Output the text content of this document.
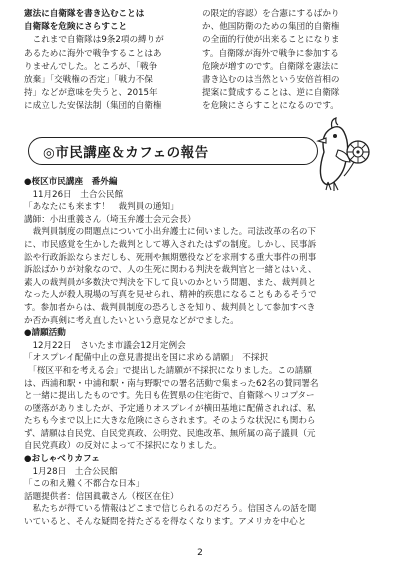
憲法に自衛隊を書き込むことは

自衛隊を危険にさらすこと

　これまで自衛隊は9条2項の縛りが

あるために海外で戦争することはあ

りませんでした。ところが、「戦争

放棄」「交戦権の否定」「戦力不保

持」などが意味を失うと、2015年

に成立した安保法制（集団的自衛権

の限定的容認）を合憲にするばかり

か、他国防衛のための集団的自衛権

の全面的行使が出来ることになりま

す。自衛隊が海外で戦争に参加する

危険が増すのです。自衛隊を憲法に

書き込むのは当然という安倍首相の

提案に賛成することは、逆に自衛隊

を危険にさらすことになるのです。

◎市民講座＆カフェの報告

●桜区市民講座　番外編

　11月26日　土合公民館

「あなたにも来ます！　裁判員の通知」

講師：小出重義さん（埼玉弁護士会元会長）

　裁判員制度の問題点について小出弁護士に伺いました。司法改革の名の下

に、市民感覚を生かした裁判として導入されたはずの制度。しかし、民事訴

訟や行政訴訟ならまだしも、死刑や無期懲役などを求刑する重大事件の刑事

訴訟ばかりが対象なので、人の生死に関わる判決を裁判官と一緒とはいえ、

素人の裁判員が多数決で判決を下して良いのかという問題、また、裁判員と

なった人が殺人現場の写真を見せられ、精神的疾患になることもあるそうで

す。参加者からは、裁判員制度の恐ろしさを知り、裁判員として参加すべき

か否か真剣に考え直したいという意見などがでました。

●請願活動

　12月22日　さいたま市議会12月定例会

「オスプレイ配備中止の意見書提出を国に求める請願」　不採択

　「桜区平和を考える会」で提出した請願が不採択になりました。この請願

は、西浦和駅・中浦和駅・南与野駅での署名活動で集まった62名の賛同署名

と一緒に提出したものです。先日も佐賀県の住宅街で、自衛隊ヘリコプター

の墜落がありましたが、予定通りオスプレイが横田基地に配備されれば、私

たちも今まで以上に大きな危険にさらされます。そのような状況にも関わら

ず、請願は自民党、自民党真政、公明党、民進改革、無所属の高子議員（元

自民党真政）の反対によって不採択になりました。

●おしゃべりカフェ

　1月28日　土合公民館

「この和え難く不都合な日本」

話題提供者：信国眞載さん（桜区在住）

　私たちが得ている情報はどこまで信じられるのだろう。信国さんの話を聞

いていると、そんな疑問を持たざるを得なくなります。アメリカを中心と

2
